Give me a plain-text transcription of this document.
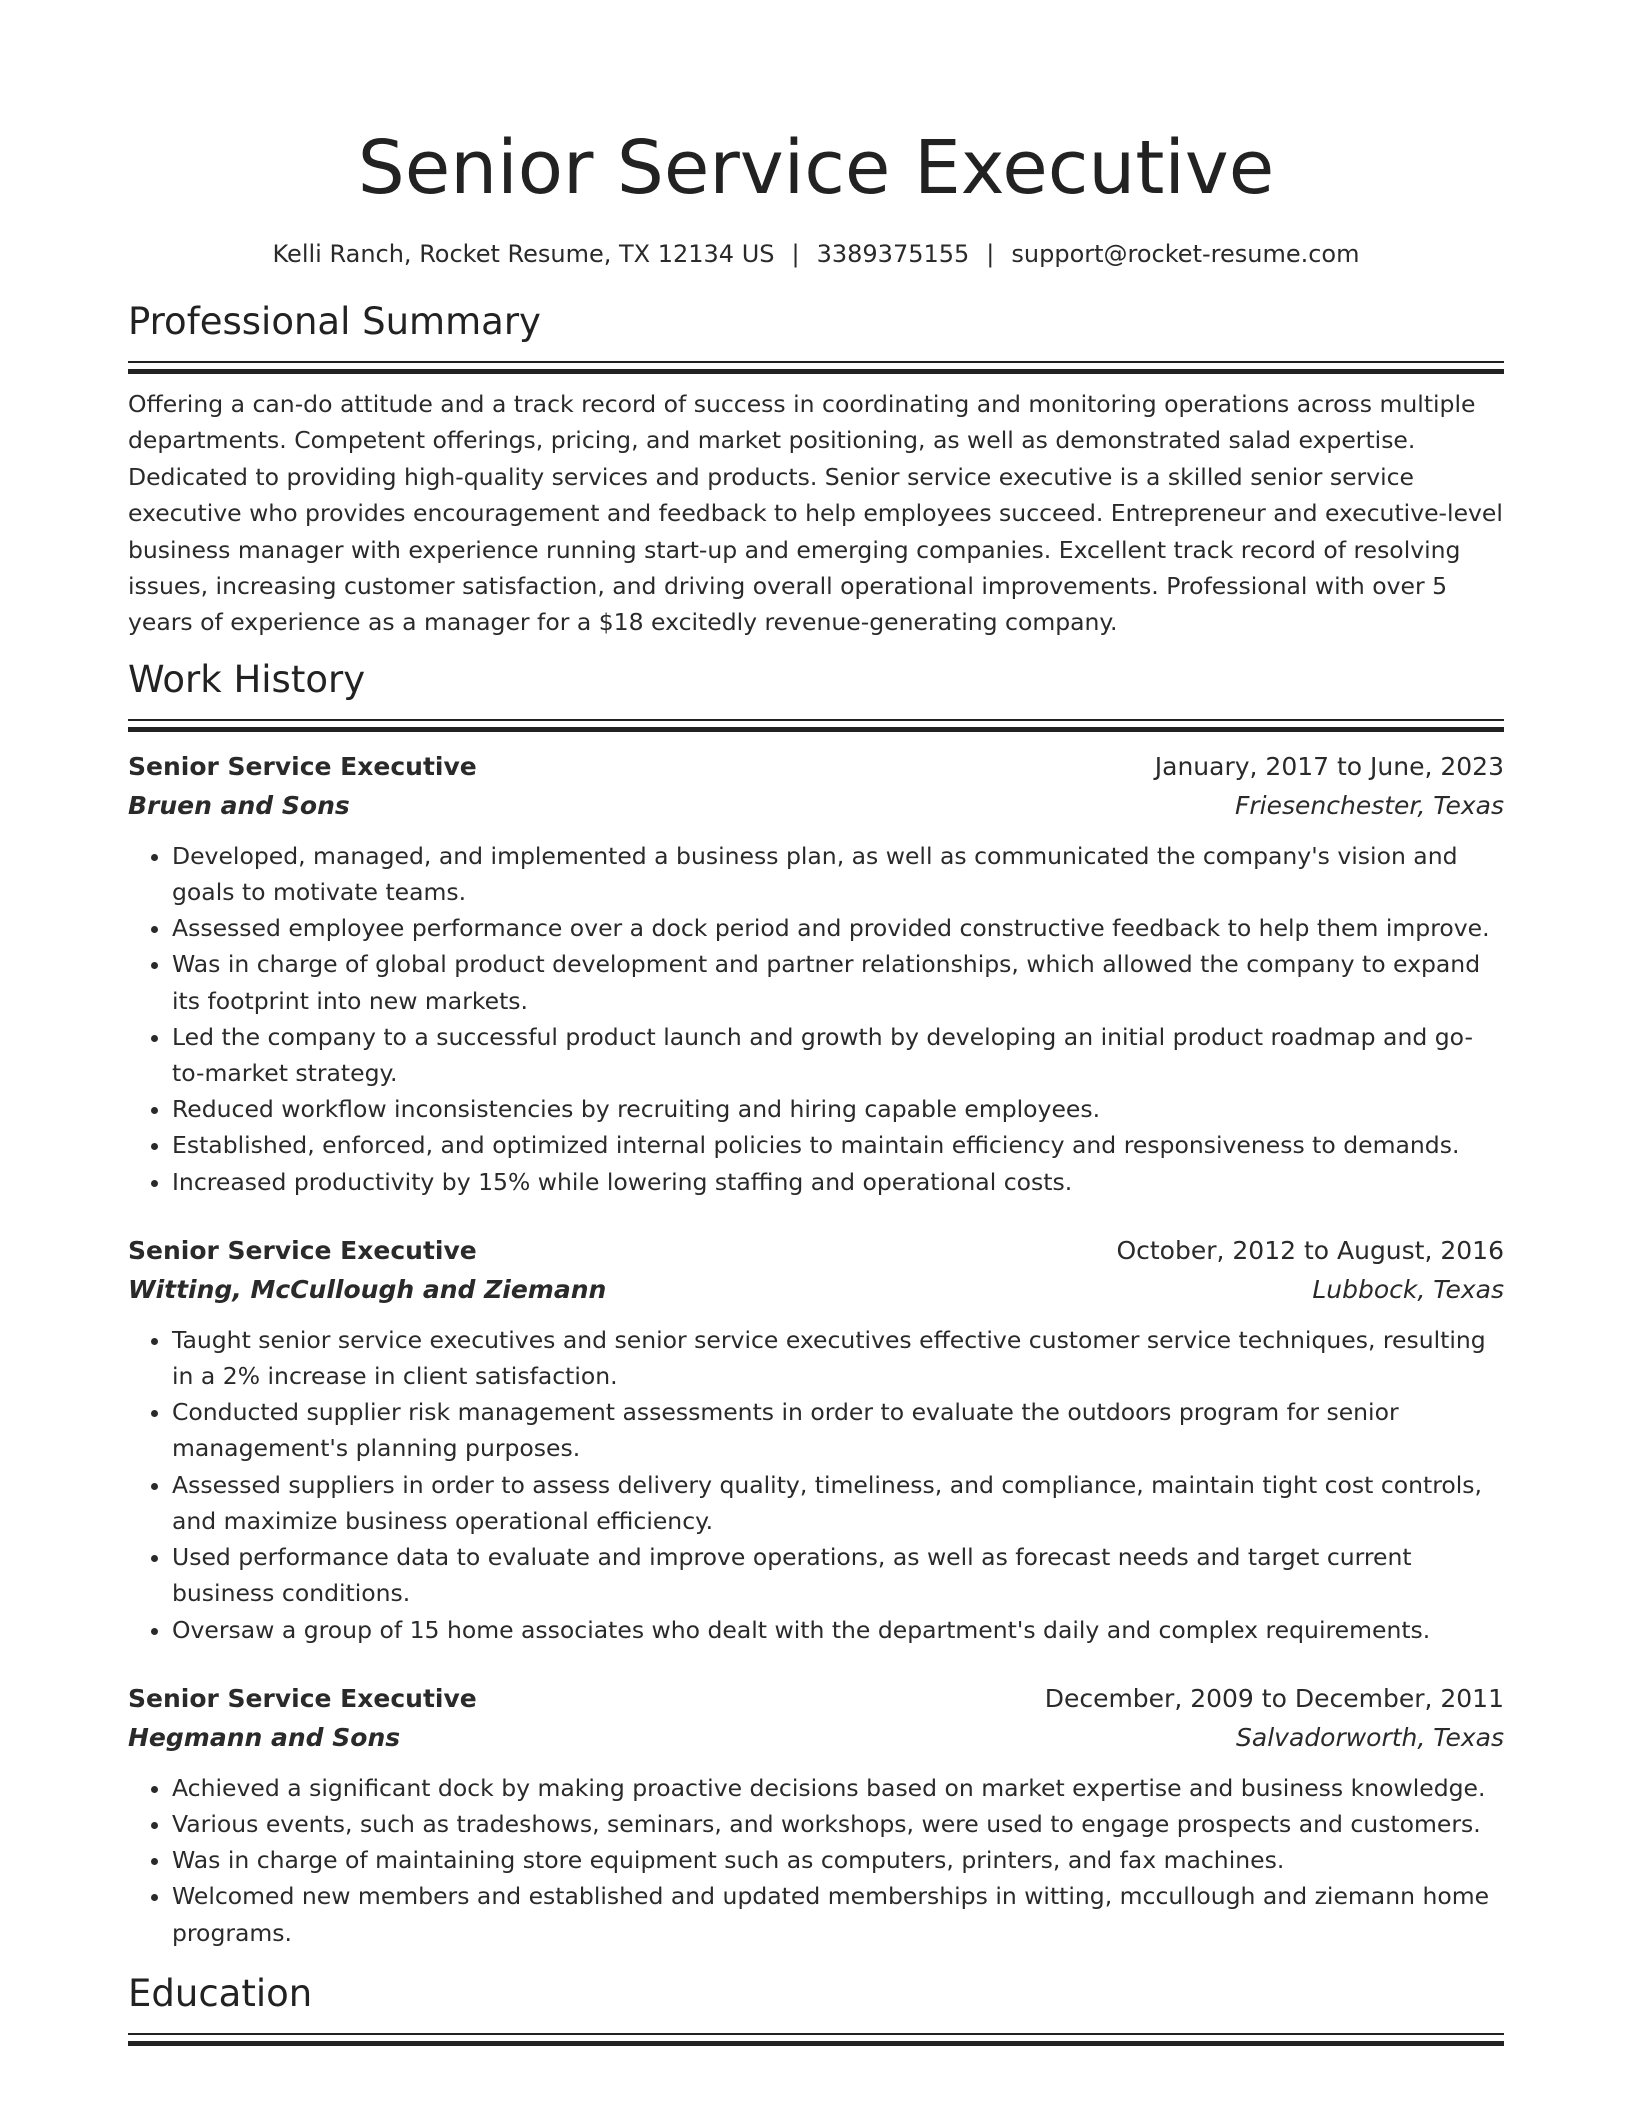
Senior Service Executive
Kelli Ranch, Rocket Resume, TX 12134 US | 3389375155 | support@rocket-resume.com
Professional Summary

Offering a can-do attitude and a track record of success in coordinating and monitoring operations across multiple departments. Competent offerings, pricing, and market positioning, as well as demonstrated salad expertise. Dedicated to providing high-quality services and products. Senior service executive is a skilled senior service executive who provides encouragement and feedback to help employees succeed. Entrepreneur and executive-level business manager with experience running start-up and emerging companies. Excellent track record of resolving issues, increasing customer satisfaction, and driving overall operational improvements. Professional with over 5 years of experience as a manager for a $18 excitedly revenue-generating company.

Work History
Senior Service Executive	January, 2017 to June, 2023
Bruen and Sons	Friesenchester, Texas
• Developed, managed, and implemented a business plan, as well as communicated the company's vision and goals to motivate teams.
• Assessed employee performance over a dock period and provided constructive feedback to help them improve.
• Was in charge of global product development and partner relationships, which allowed the company to expand its footprint into new markets.
• Led the company to a successful product launch and growth by developing an initial product roadmap and go-to-market strategy.
• Reduced workflow inconsistencies by recruiting and hiring capable employees.
• Established, enforced, and optimized internal policies to maintain efficiency and responsiveness to demands.
• Increased productivity by 15% while lowering staffing and operational costs.
Senior Service Executive	October, 2012 to August, 2016
Witting, McCullough and Ziemann	Lubbock, Texas
• Taught senior service executives and senior service executives effective customer service techniques, resulting in a 2% increase in client satisfaction.
• Conducted supplier risk management assessments in order to evaluate the outdoors program for senior management's planning purposes.
• Assessed suppliers in order to assess delivery quality, timeliness, and compliance, maintain tight cost controls, and maximize business operational efficiency.
• Used performance data to evaluate and improve operations, as well as forecast needs and target current business conditions.
• Oversaw a group of 15 home associates who dealt with the department's daily and complex requirements.
Senior Service Executive	December, 2009 to December, 2011
Hegmann and Sons	Salvadorworth, Texas
• Achieved a significant dock by making proactive decisions based on market expertise and business knowledge.
• Various events, such as tradeshows, seminars, and workshops, were used to engage prospects and customers.
• Was in charge of maintaining store equipment such as computers, printers, and fax machines.
• Welcomed new members and established and updated memberships in witting, mccullough and ziemann home programs.
Education
